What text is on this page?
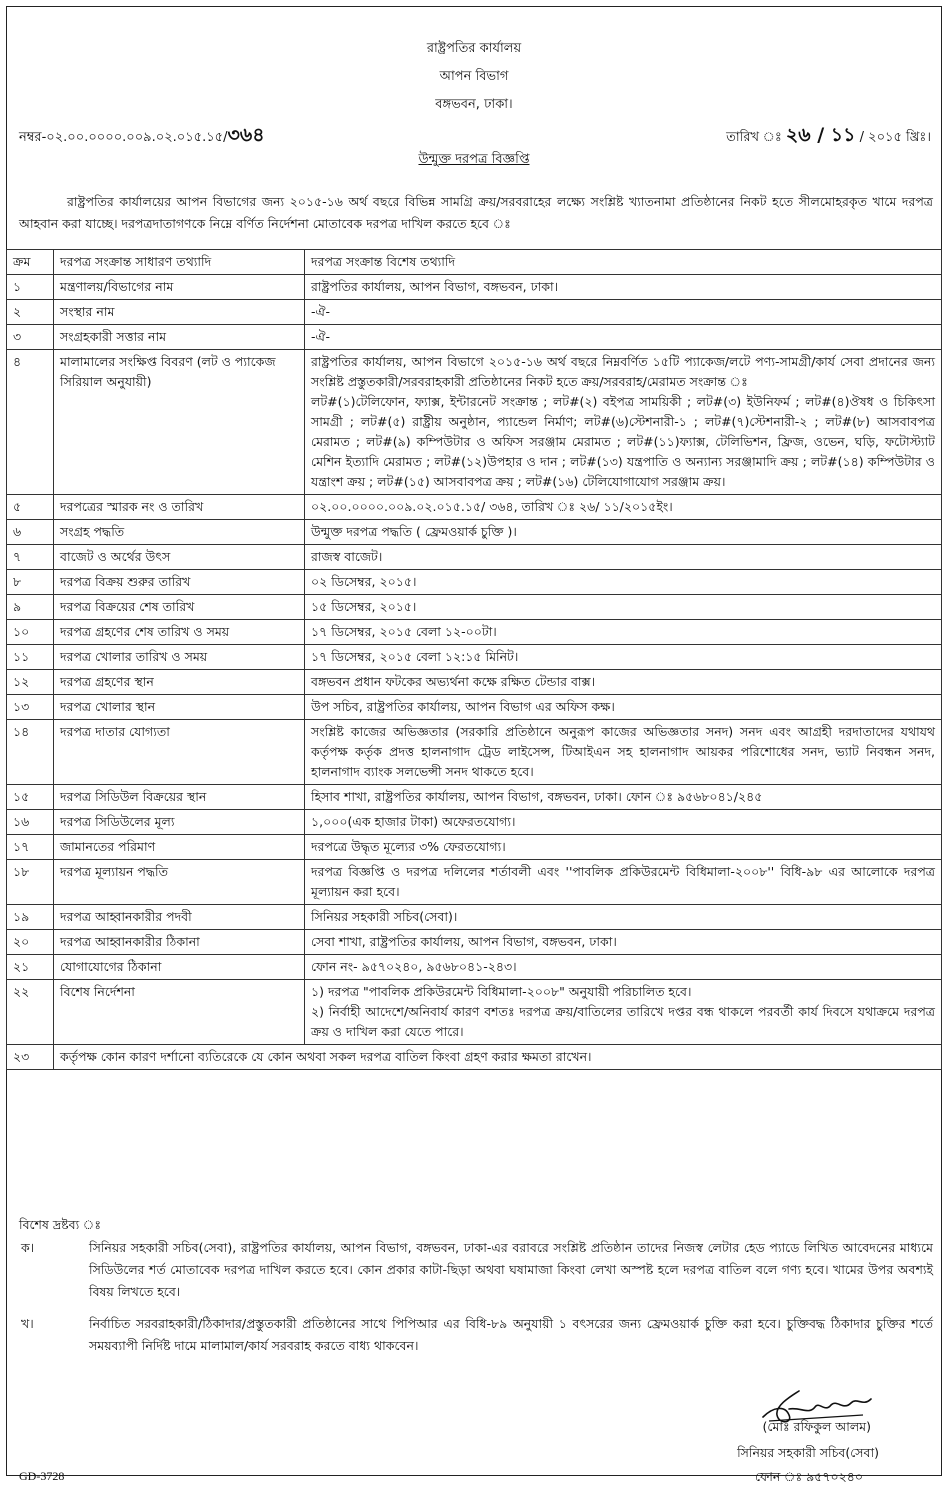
রাষ্ট্রপতির কার্যালয়
আপন বিভাগ
বঙ্গভবন, ঢাকা।
নম্বর-০২.০০.০০০০.০০৯.০২.০১৫.১৫/৩৬৪	তারিখ ঃ ২৬ / ১১ / ২০১৫ খ্রিঃ।
উন্মুক্ত দরপত্র বিজ্ঞপ্তি
রাষ্ট্রপতির কার্যালয়ের আপন বিভাগের জন্য ২০১৫-১৬ অর্থ বছরে বিভিন্ন সামগ্রি ক্রয়/সরবরাহের লক্ষ্যে সংশ্লিষ্ট খ্যাতনামা প্রতিষ্ঠানের নিকট হতে সীলমোহরকৃত খামে দরপত্র আহবান করা যাচ্ছে। দরপত্রদাতাগণকে নিম্নে বর্ণিত নির্দেশনা মোতাবেক দরপত্র দাখিল করতে হবে ঃ
ক্রম	দরপত্র সংক্রান্ত সাধারণ তথ্যাদি	দরপত্র সংক্রান্ত বিশেষ তথ্যাদি
১	মন্ত্রণালয়/বিভাগের নাম	রাষ্ট্রপতির কার্যালয়, আপন বিভাগ, বঙ্গভবন, ঢাকা।
২	সংস্থার নাম	-ঐ-
৩	সংগ্রহকারী সত্তার নাম	-ঐ-
৪	মালামালের সংক্ষিপ্ত বিবরণ (লট ও প্যাকেজ সিরিয়াল অনুযায়ী)	রাষ্ট্রপতির কার্যালয়, আপন বিভাগে ২০১৫-১৬ অর্থ বছরে নিম্নবর্ণিত ১৫টি প্যাকেজ/লটে পণ্য-সামগ্রী/কার্য সেবা প্রদানের জন্য সংশ্লিষ্ট প্রস্তুতকারী/সরবরাহকারী প্রতিষ্ঠানের নিকট হতে ক্রয়/সরবরাহ/মেরামত সংক্রান্ত ঃ
লট#(১)টেলিফোন, ফ্যাক্স, ইন্টারনেট সংক্রান্ত ; লট#(২) বইপত্র সাময়িকী ; লট#(৩) ইউনিফর্ম ; লট#(৪)ঔষধ ও চিকিৎসা সামগ্রী ; লট#(৫) রাষ্ট্রীয় অনুষ্ঠান, প্যান্ডেল নির্মাণ; লট#(৬)স্টেশনারী-১ ; লট#(৭)স্টেশনারী-২ ; লট#(৮) আসবাবপত্র মেরামত ; লট#(৯) কম্পিউটার ও অফিস সরঞ্জাম মেরামত ; লট#(১১)ফ্যাক্স, টেলিভিশন, ফ্রিজ, ওভেন, ঘড়ি, ফটোস্ট্যাট মেশিন ইত্যাদি মেরামত ; লট#(১২)উপহার ও দান ; লট#(১৩) যন্ত্রপাতি ও অন্যান্য সরঞ্জামাদি ক্রয় ; লট#(১৪) কম্পিউটার ও যন্ত্রাংশ ক্রয় ; লট#(১৫) আসবাবপত্র ক্রয় ; লট#(১৬) টেলিযোগাযোগ সরঞ্জাম ক্রয়।

৫	দরপত্রের স্মারক নং ও তারিখ	০২.০০.০০০০.০০৯.০২.০১৫.১৫/ ৩৬৪, তারিখ ঃ ২৬/ ১১/২০১৫ইং।
৬	সংগ্রহ পদ্ধতি	উন্মুক্ত দরপত্র পদ্ধতি ( ফ্রেমওয়ার্ক চুক্তি )।
৭	বাজেট ও অর্থের উৎস	রাজস্ব বাজেট।
৮	দরপত্র বিক্রয় শুরুর তারিখ	০২ ডিসেম্বর, ২০১৫।
৯	দরপত্র বিক্রয়ের শেষ তারিখ	১৫ ডিসেম্বর, ২০১৫।
১০	দরপত্র গ্রহণের শেষ তারিখ ও সময়	১৭ ডিসেম্বর, ২০১৫ বেলা ১২-০০টা।
১১	দরপত্র খোলার তারিখ ও সময়	১৭ ডিসেম্বর, ২০১৫ বেলা ১২:১৫ মিনিট।
১২	দরপত্র গ্রহণের স্থান	বঙ্গভবন প্রধান ফটকের অভ্যর্থনা কক্ষে রক্ষিত টেন্ডার বাক্স।
১৩	দরপত্র খোলার স্থান	উপ সচিব, রাষ্ট্রপতির কার্যালয়, আপন বিভাগ এর অফিস কক্ষ।
১৪	দরপত্র দাতার যোগ্যতা	সংশ্লিষ্ট কাজের অভিজ্ঞতার (সরকারি প্রতিষ্ঠানে অনুরূপ কাজের অভিজ্ঞতার সনদ) সনদ এবং আগ্রহী দরদাতাদের যথাযথ কর্তৃপক্ষ কর্তৃক প্রদত্ত হালনাগাদ ট্রেড লাইসেন্স, টিআইএন সহ হালনাগাদ আয়কর পরিশোধের সনদ, ভ্যাট নিবন্ধন সনদ, হালনাগাদ ব্যাংক সলভেন্সী সনদ থাকতে হবে।
১৫	দরপত্র সিডিউল বিক্রয়ের স্থান	হিসাব শাখা, রাষ্ট্রপতির কার্যালয়, আপন বিভাগ, বঙ্গভবন, ঢাকা। ফোন ঃ ৯৫৬৮০৪১/২৪৫
১৬	দরপত্র সিডিউলের মূল্য	১,০০০(এক হাজার টাকা) অফেরতযোগ্য।
১৭	জামানতের পরিমাণ	দরপত্রে উদ্ধৃত মূল্যের ৩% ফেরতযোগ্য।
১৮	দরপত্র মূল্যায়ন পদ্ধতি	দরপত্র বিজ্ঞপ্তি ও দরপত্র দলিলের শর্তাবলী এবং ''পাবলিক প্রকিউরমেন্ট বিধিমালা-২০০৮'' বিধি-৯৮ এর আলোকে দরপত্র মূল্যায়ন করা হবে।
১৯	দরপত্র আহ্বানকারীর পদবী	সিনিয়র সহকারী সচিব(সেবা)।
২০	দরপত্র আহ্বানকারীর ঠিকানা	সেবা শাখা, রাষ্ট্রপতির কার্যালয়, আপন বিভাগ, বঙ্গভবন, ঢাকা।
২১	যোগাযোগের ঠিকানা	ফোন নং- ৯৫৭০২৪০, ৯৫৬৮০৪১-২৪৩।
২২	বিশেষ নির্দেশনা	১) দরপত্র "পাবলিক প্রকিউরমেন্ট বিধিমালা-২০০৮" অনুযায়ী পরিচালিত হবে।
২) নির্বাহী আদেশে/অনিবার্য কারণ বশতঃ দরপত্র ক্রয়/বাতিলের তারিখে দপ্তর বন্ধ থাকলে পরবর্তী কার্য দিবসে যথাক্রমে দরপত্র ক্রয় ও দাখিল করা যেতে পারে।

২৩	কর্তৃপক্ষ কোন কারণ দর্শানো ব্যতিরেকে যে কোন অথবা সকল দরপত্র বাতিল কিংবা গ্রহণ করার ক্ষমতা রাখেন।	
বিশেষ দ্রষ্টব্য ঃ
ক।	সিনিয়র সহকারী সচিব(সেবা), রাষ্ট্রপতির কার্যালয়, আপন বিভাগ, বঙ্গভবন, ঢাকা-এর বরাবরে সংশ্লিষ্ট প্রতিষ্ঠান তাদের নিজস্ব লেটার হেড প্যাডে লিখিত আবেদনের মাধ্যমে সিডিউলের শর্ত মোতাবেক দরপত্র দাখিল করতে হবে। কোন প্রকার কাটা-ছিড়া অথবা ঘষামাজা কিংবা লেখা অস্পষ্ট হলে দরপত্র বাতিল বলে গণ্য হবে। খামের উপর অবশ্যই বিষয় লিখতে হবে।
খ।	নির্বাচিত সরবরাহকারী/ঠিকাদার/প্রস্তুতকারী প্রতিষ্ঠানের সাথে পিপিআর এর বিধি-৮৯ অনুযায়ী ১ বৎসরের জন্য ফ্রেমওয়ার্ক চুক্তি করা হবে। চুক্তিবদ্ধ ঠিকাদার চুক্তির শর্তে সময়ব্যাপী নির্দিষ্ট দামে মালামাল/কার্য সরবরাহ করতে বাধ্য থাকবেন।
(মোঃ রফিকুল আলম)
সিনিয়র সহকারী সচিব(সেবা)
ফোন ঃ ৯৫৭০২৪০
GD-3728
